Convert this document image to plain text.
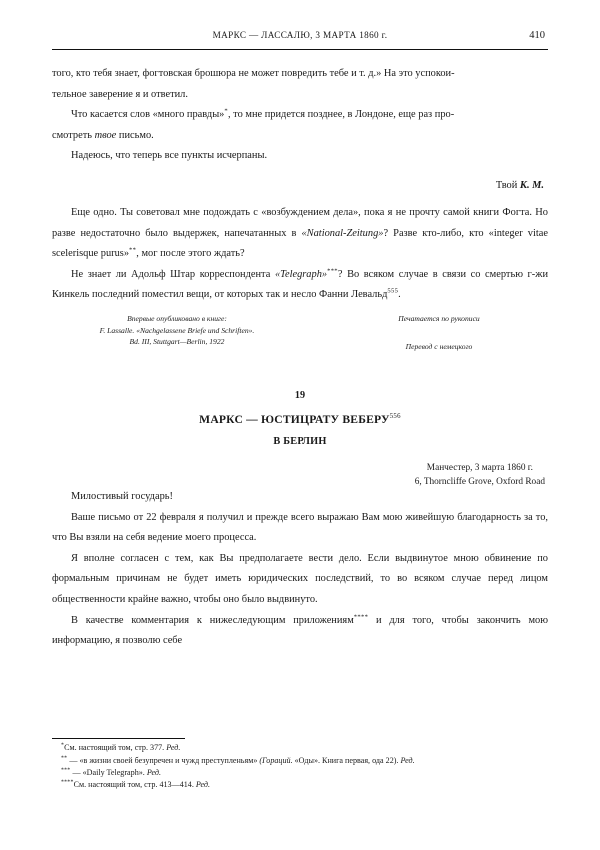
МАРКС — ЛАССАЛЮ, 3 МАРТА 1860 г.	410

того, кто тебя знает, фогтовская брошюра не может повредить тебе и т. д.» На это успокои-

тельное заверение я и ответил.

Что касается слов «много правды»*, то мне придется позднее, в Лондоне, еще раз про-

смотреть твое письмо.

Надеюсь, что теперь все пункты исчерпаны.

Твой К. М.

Еще одно. Ты советовал мне подождать с «возбуждением дела», пока я не прочту самой книги Фогта. Но разве недостаточно было выдержек, напечатанных в «National-Zeitung»? Разве кто-либо, кто «integer vitae scelerisque purus»**, мог после этого ждать?

Не знает ли Адольф Штар корреспондента «Telegraph»***? Во всяком случае в связи со смертью г-жи Кинкель последний поместил вещи, от которых так и несло Фанни Левальд$^{555}$.

Впервые опубликовано в книге:
F. Lassalle. «Nachgelassene Briefe und Schriften».
Bd. III, Stuttgart—Berlin, 1922
Печатается по рукописи
Перевод с немецкого
19
МАРКС — ЮСТИЦРАТУ ВЕБЕРУ$^{556}$
В БЕРЛИН
Манчестер, 3 марта 1860 г.
6, Thorncliffe Grove, Oxford Road

Милостивый государь!

Ваше письмо от 22 февраля я получил и прежде всего выражаю Вам мою живейшую благодарность за то, что Вы взяли на себя ведение моего процесса.

Я вполне согласен с тем, как Вы предполагаете вести дело. Если выдвинутое мною обвинение по формальным причинам не будет иметь юридических последствий, то во всяком случае перед лицом общественности крайне важно, чтобы оно было выдвинуто.

В качестве комментария к нижеследующим приложениям**** и для того, чтобы закончить мою информацию, я позволю себе

*См. настоящий том, стр. 377. Ред.

** — «в жизни своей безупречен и чужд преступленьям» (Гораций. «Оды». Книга первая, ода 22). Ред.

*** — «Daily Telegraph». Ред.

****См. настоящий том, стр. 413—414. Ред.
